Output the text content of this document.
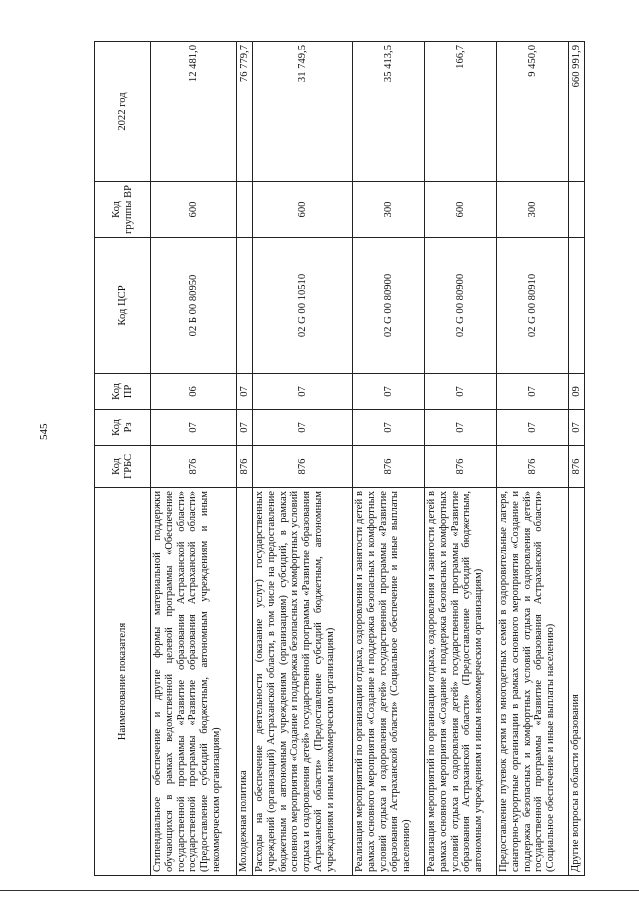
545
Наименование показателя	Код ГРБС	Код Рз	Код ПР	Код ЦСР	Код группы ВР	2022 год
Стипендиальное обеспечение и другие формы материальной поддержки обучающихся в рамках ведомственной целевой программы «Обеспечение государственной программы «Развитие образования Астраханской области» государственной программы «Развитие образования Астраханской области» (Предоставление субсидий бюджетным, автономным учреждениям и иным некоммерческим организациям)	876	07	06	02 Б 00 80950	600	12 481,0
Молодежная политика	876	07	07			76 779,7
Расходы на обеспечение деятельности (оказание услуг) государственных учреждений (организаций) Астраханской области, в том числе на предоставление бюджетным и автономным учреждениям (организациям) субсидий, в рамках основного мероприятия «Создание и поддержка безопасных и комфортных условий отдыха и оздоровления детей» государственной программы «Развитие образования Астраханской области» (Предоставление субсидий бюджетным, автономным учреждениям и иным некоммерческим организациям)	876	07	07	02 G 00 10510	600	31 749,5
Реализация мероприятий по организации отдыха, оздоровления и занятости детей в рамках основного мероприятия «Создание и поддержка безопасных и комфортных условий отдыха и оздоровления детей» государственной программы «Развитие образования Астраханской области» (Социальное обеспечение и иные выплаты населению)	876	07	07	02 G 00 80900	300	35 413,5
Реализация мероприятий по организации отдыха, оздоровления и занятости детей в рамках основного мероприятия «Создание и поддержка безопасных и комфортных условий отдыха и оздоровления детей» государственной программы «Развитие образования Астраханской области» (Предоставление субсидий бюджетным, автономным учреждениям и иным некоммерческим организациям)	876	07	07	02 G 00 80900	600	166,7
Предоставление путевок детям из многодетных семей в оздоровительные лагеря, санаторно-курортные организации в рамках основного мероприятия «Создание и поддержка безопасных и комфортных условий отдыха и оздоровления детей» государственной программы «Развитие образования Астраханской области» (Социальное обеспечение и иные выплаты населению)	876	07	07	02 G 00 80910	300	9 450,0
Другие вопросы в области образования	876	07	09			660 991,9
